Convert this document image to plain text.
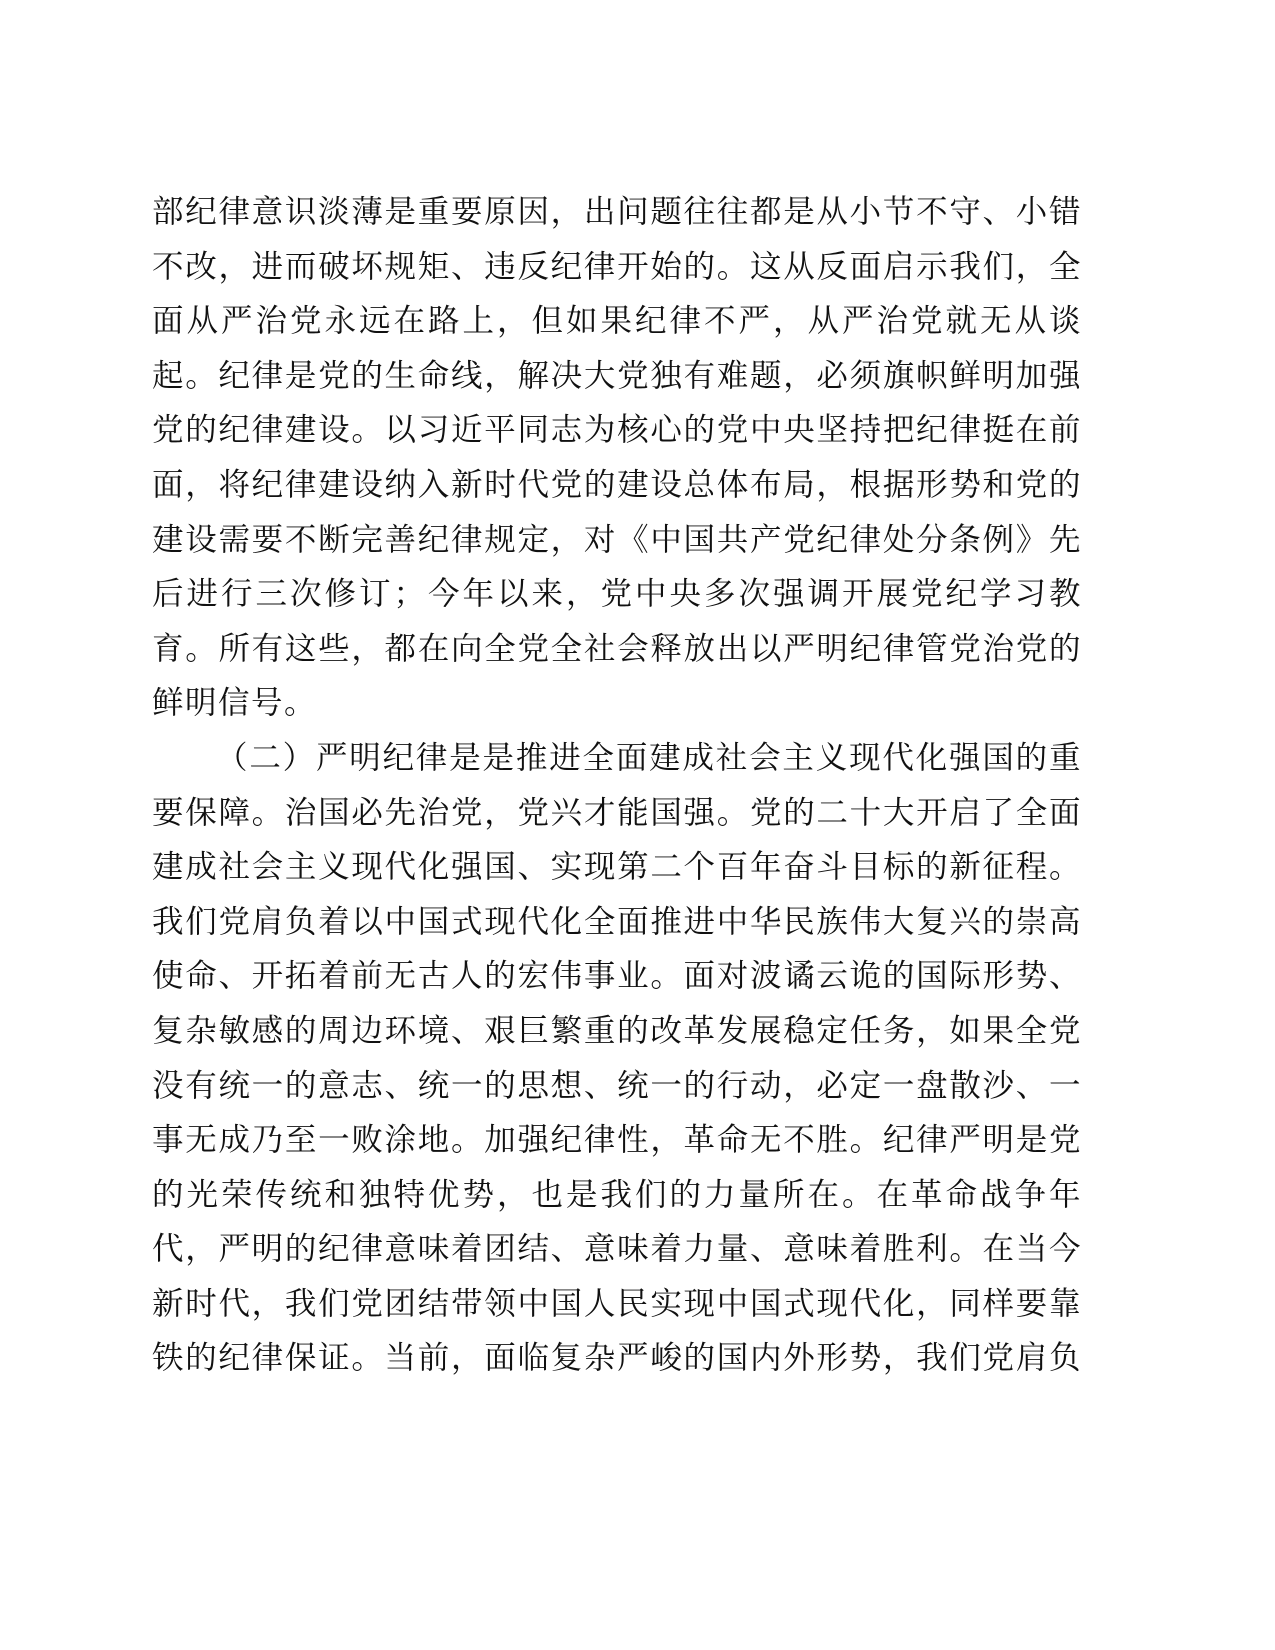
部纪律意识淡薄是重要原因，出问题往往都是从小节不守、小错
不改，进而破坏规矩、违反纪律开始的。这从反面启示我们，全
面从严治党永远在路上，但如果纪律不严，从严治党就无从谈
起。纪律是党的生命线，解决大党独有难题，必须旗帜鲜明加强
党的纪律建设。以习近平同志为核心的党中央坚持把纪律挺在前
面，将纪律建设纳入新时代党的建设总体布局，根据形势和党的
建设需要不断完善纪律规定，对《中国共产党纪律处分条例》先
后进行三次修订；今年以来，党中央多次强调开展党纪学习教
育。所有这些，都在向全党全社会释放出以严明纪律管党治党的
鲜明信号。
（二）严明纪律是是推进全面建成社会主义现代化强国的重
要保障。治国必先治党，党兴才能国强。党的二十大开启了全面
建成社会主义现代化强国、实现第二个百年奋斗目标的新征程。
我们党肩负着以中国式现代化全面推进中华民族伟大复兴的崇高
使命、开拓着前无古人的宏伟事业。面对波谲云诡的国际形势、
复杂敏感的周边环境、艰巨繁重的改革发展稳定任务，如果全党
没有统一的意志、统一的思想、统一的行动，必定一盘散沙、一
事无成乃至一败涂地。加强纪律性，革命无不胜。纪律严明是党
的光荣传统和独特优势，也是我们的力量所在。在革命战争年
代，严明的纪律意味着团结、意味着力量、意味着胜利。在当今
新时代，我们党团结带领中国人民实现中国式现代化，同样要靠
铁的纪律保证。当前，面临复杂严峻的国内外形势，我们党肩负
